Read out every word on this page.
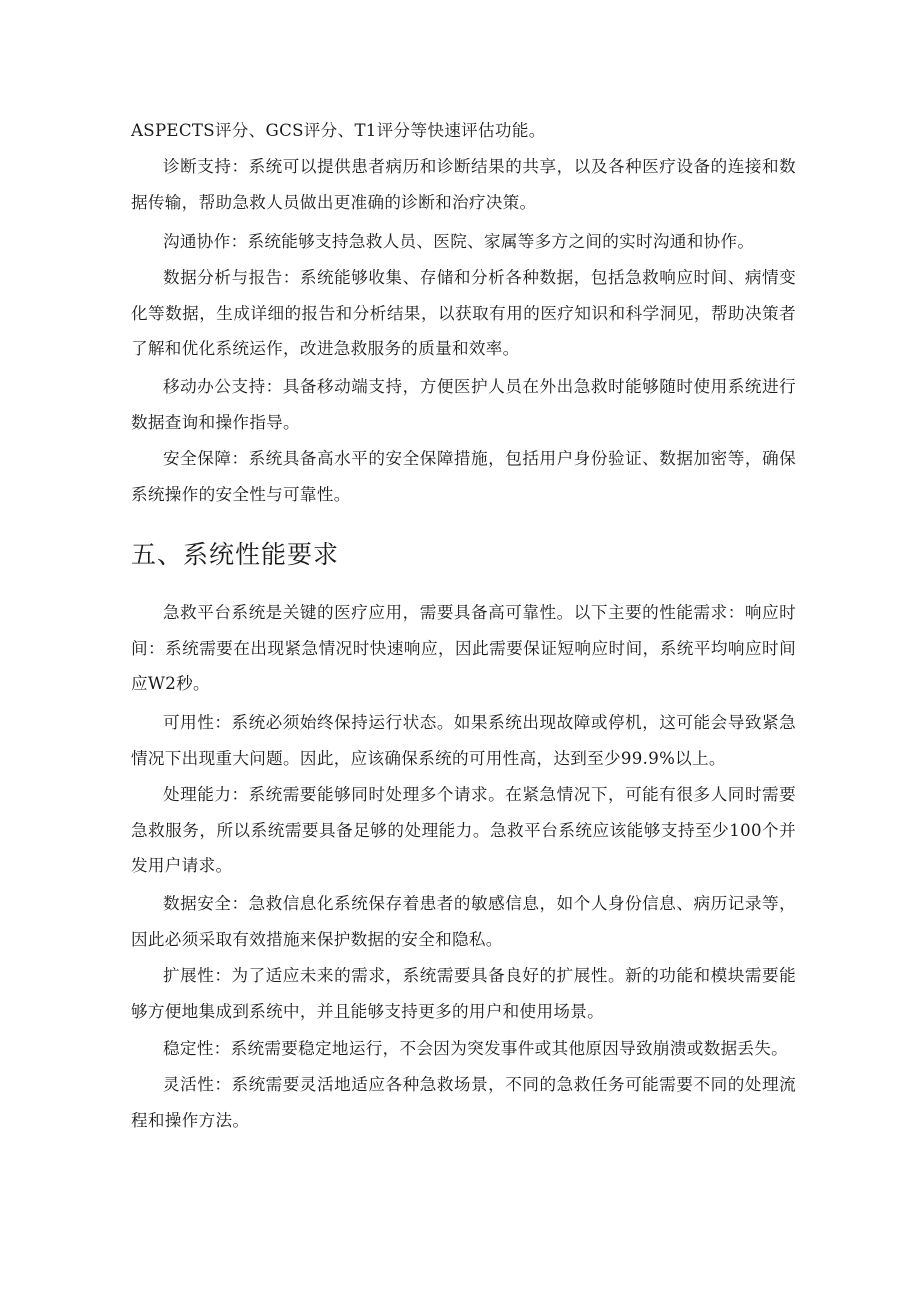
ASPECTS评分、GCS评分、T1评分等快速评估功能。

诊断支持：系统可以提供患者病历和诊断结果的共享，以及各种医疗设备的连接和数据传输，帮助急救人员做出更准确的诊断和治疗决策。

沟通协作：系统能够支持急救人员、医院、家属等多方之间的实时沟通和协作。

数据分析与报告：系统能够收集、存储和分析各种数据，包括急救响应时间、病情变化等数据，生成详细的报告和分析结果，以获取有用的医疗知识和科学洞见，帮助决策者了解和优化系统运作，改进急救服务的质量和效率。

移动办公支持：具备移动端支持，方便医护人员在外出急救时能够随时使用系统进行数据查询和操作指导。

安全保障：系统具备高水平的安全保障措施，包括用户身份验证、数据加密等，确保系统操作的安全性与可靠性。

五、系统性能要求

急救平台系统是关键的医疗应用，需要具备高可靠性。以下主要的性能需求：响应时间：系统需要在出现紧急情况时快速响应，因此需要保证短响应时间，系统平均响应时间应W2秒。

可用性：系统必须始终保持运行状态。如果系统出现故障或停机，这可能会导致紧急情况下出现重大问题。因此，应该确保系统的可用性高，达到至少99.9%以上。

处理能力：系统需要能够同时处理多个请求。在紧急情况下，可能有很多人同时需要急救服务，所以系统需要具备足够的处理能力。急救平台系统应该能够支持至少100个并发用户请求。

数据安全：急救信息化系统保存着患者的敏感信息，如个人身份信息、病历记录等，因此必须采取有效措施来保护数据的安全和隐私。

扩展性：为了适应未来的需求，系统需要具备良好的扩展性。新的功能和模块需要能够方便地集成到系统中，并且能够支持更多的用户和使用场景。

稳定性：系统需要稳定地运行，不会因为突发事件或其他原因导致崩溃或数据丢失。

灵活性：系统需要灵活地适应各种急救场景，不同的急救任务可能需要不同的处理流程和操作方法。
